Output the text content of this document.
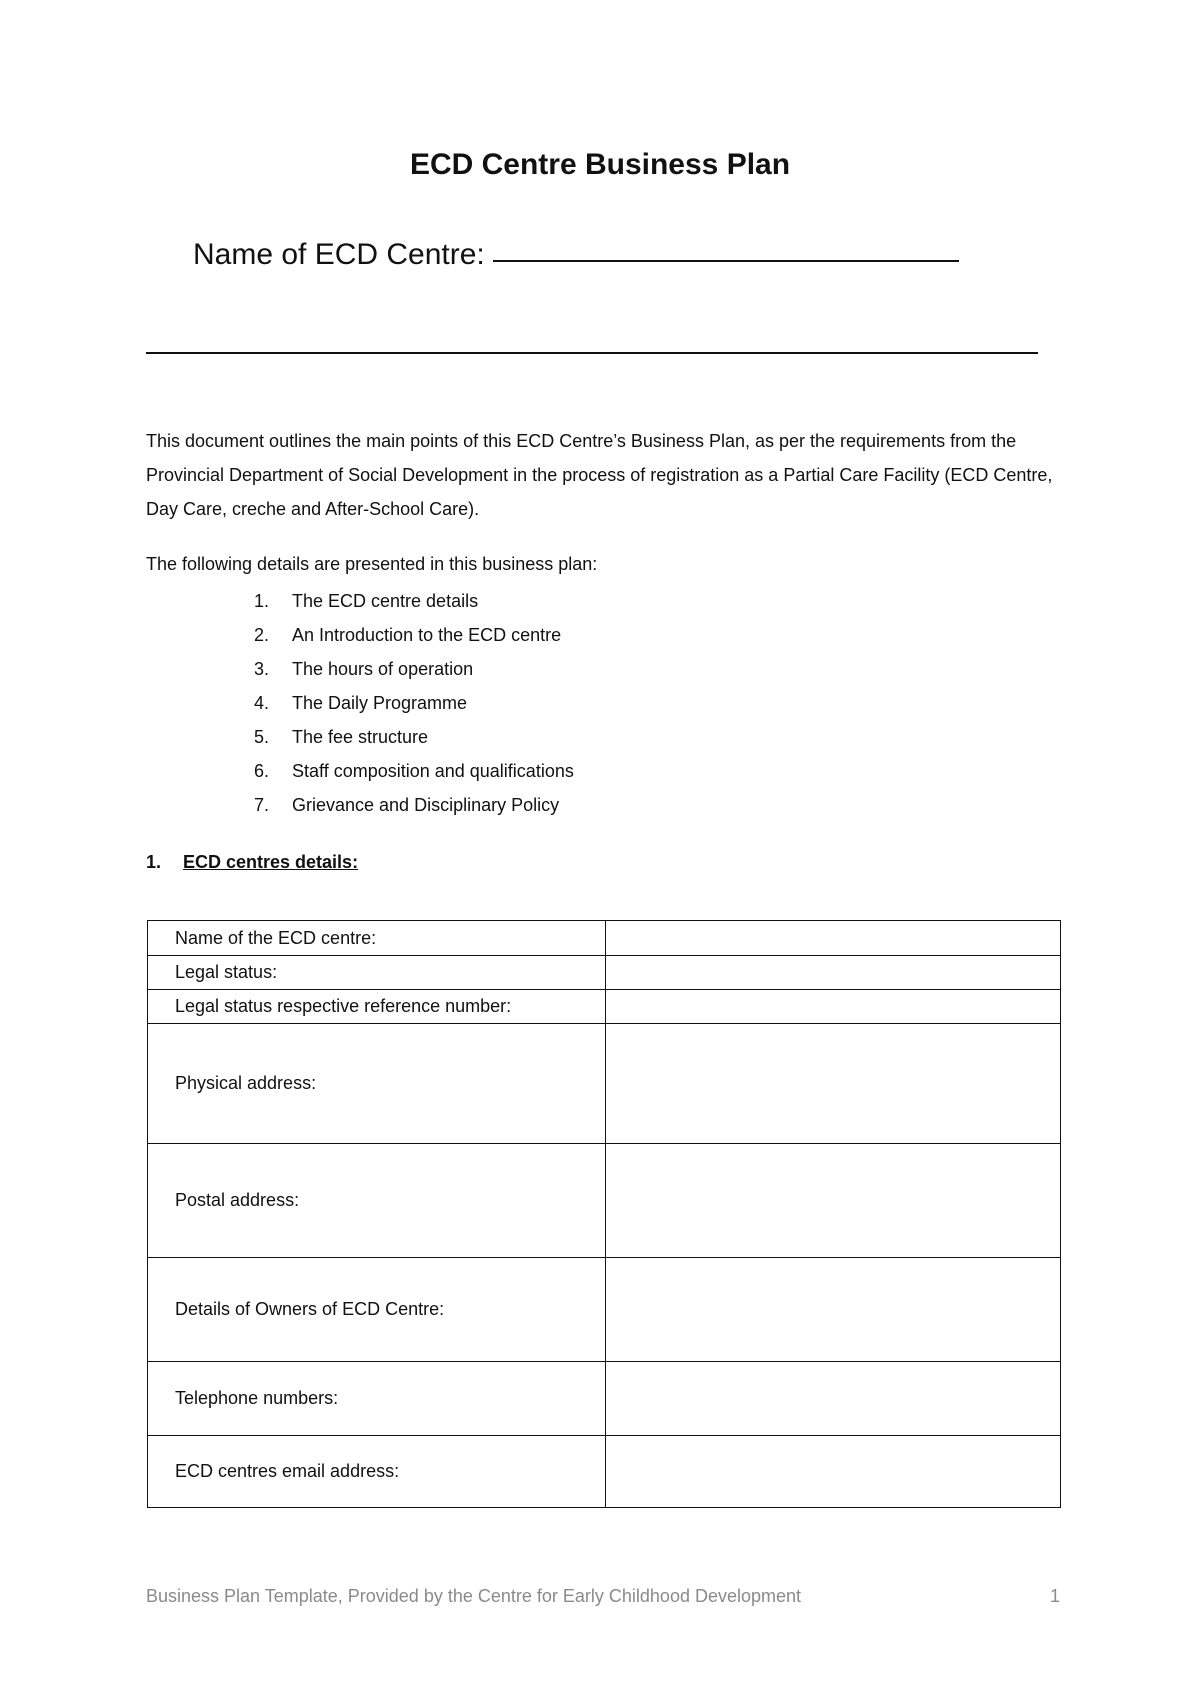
ECD Centre Business Plan
Name of ECD Centre:

This document outlines the main points of this ECD Centre’s Business Plan, as per the requirements from the Provincial Department of Social Development in the process of registration as a Partial Care Facility (ECD Centre, Day Care, creche and After-School Care).

The following details are presented in this business plan:

1.	The ECD centre details
2.	An Introduction to the ECD centre
3.	The hours of operation
4.	The Daily Programme
5.	The fee structure
6.	Staff composition and qualifications
7.	Grievance and Disciplinary Policy
1.	ECD centres details:
Name of the ECD centre:	
Legal status:	
Legal status respective reference number:	
Physical address:	
Postal address:	
Details of Owners of ECD Centre:	
Telephone numbers:	
ECD centres email address:	
Business Plan Template, Provided by the Centre for Early Childhood Development	1
